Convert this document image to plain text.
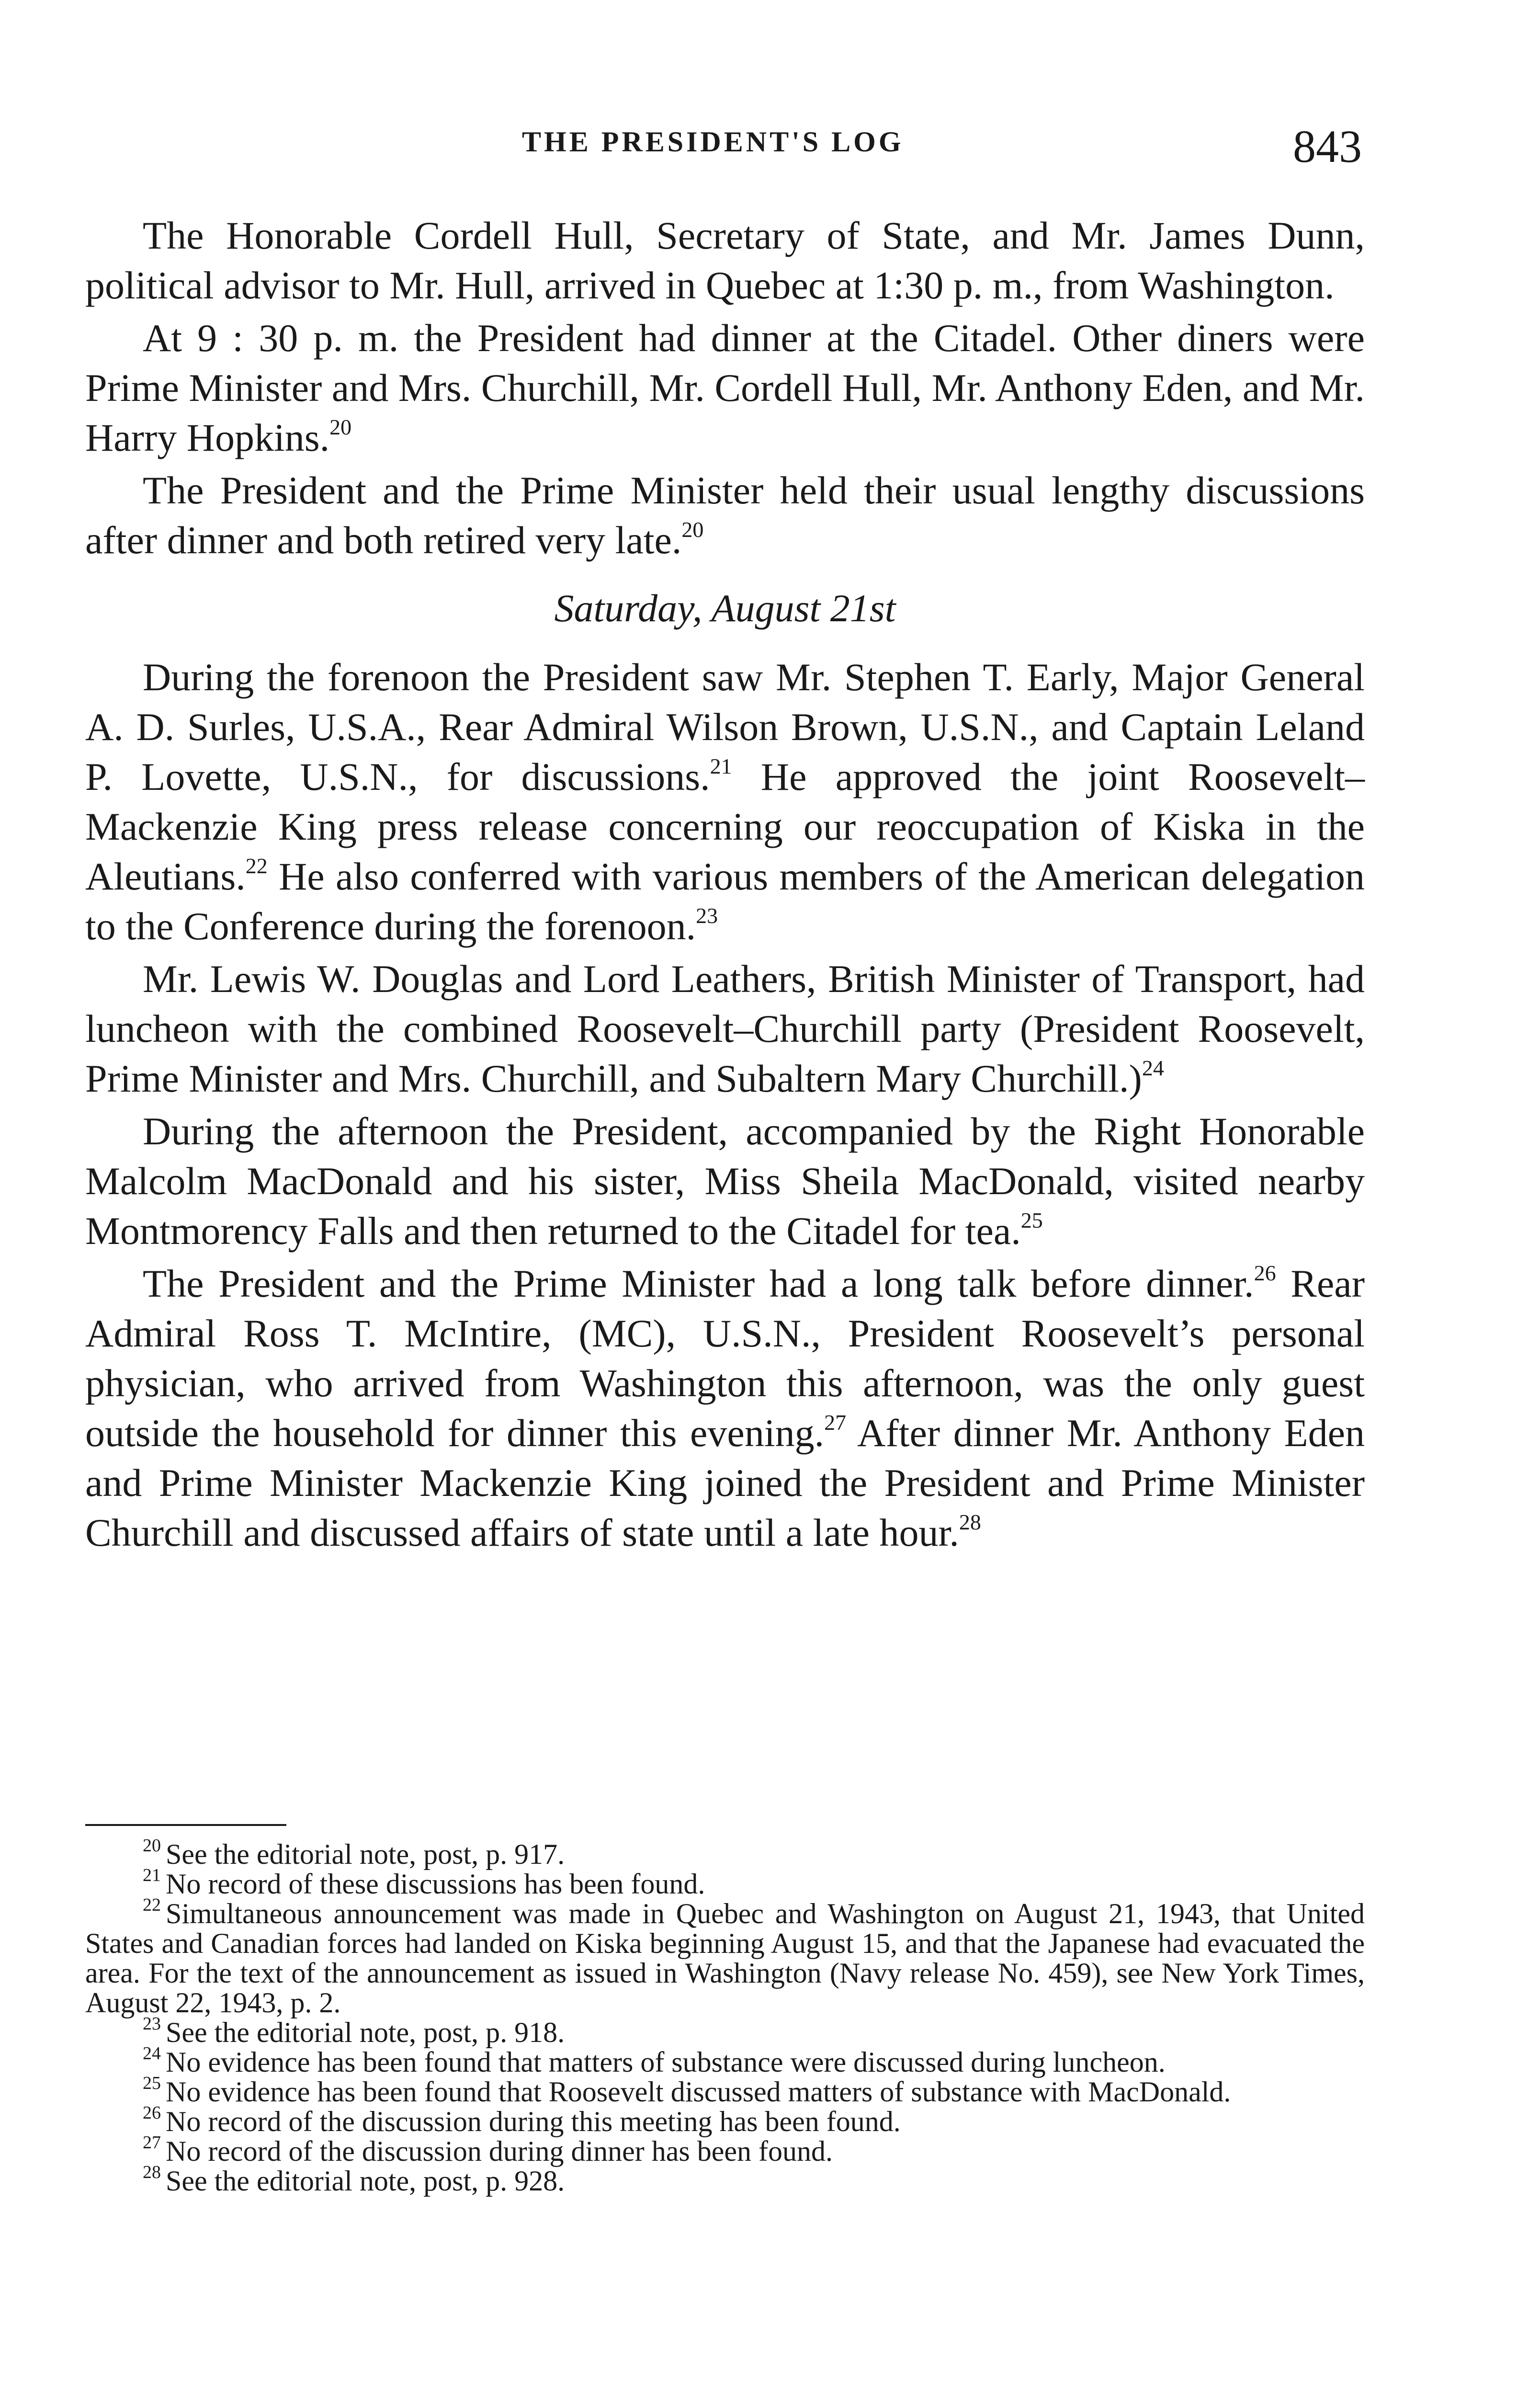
THE PRESIDENT'S LOG	843

The Honorable Cordell Hull, Secretary of State, and Mr. James Dunn, political advisor to Mr. Hull, arrived in Quebec at 1:30 p. m., from Washington.

At 9 : 30 p. m. the President had dinner at the Citadel. Other diners were Prime Minister and Mrs. Churchill, Mr. Cordell Hull, Mr. Anthony Eden, and Mr. Harry Hopkins.$^{20}$

The President and the Prime Minister held their usual lengthy discussions after dinner and both retired very late.$^{20}$

Saturday, August 21st

During the forenoon the President saw Mr. Stephen T. Early, Major General A. D. Surles, U.S.A., Rear Admiral Wilson Brown, U.S.N., and Captain Leland P. Lovette, U.S.N., for discussions.$^{21}$ He approved the joint Roosevelt–Mackenzie King press release concerning our reoccupation of Kiska in the Aleutians.$^{22}$ He also conferred with various members of the American delegation to the Conference during the forenoon.$^{23}$

Mr. Lewis W. Douglas and Lord Leathers, British Minister of Transport, had luncheon with the combined Roosevelt–Churchill party (President Roosevelt, Prime Minister and Mrs. Churchill, and Subaltern Mary Churchill.)$^{24}$

During the afternoon the President, accompanied by the Right Honorable Malcolm MacDonald and his sister, Miss Sheila MacDonald, visited nearby Montmorency Falls and then returned to the Citadel for tea.$^{25}$

The President and the Prime Minister had a long talk before dinner.$^{26}$ Rear Admiral Ross T. McIntire, (MC), U.S.N., President Roosevelt’s personal physician, who arrived from Washington this afternoon, was the only guest outside the household for dinner this evening.$^{27}$ After dinner Mr. Anthony Eden and Prime Minister Mackenzie King joined the President and Prime Minister Churchill and discussed affairs of state until a late hour.$^{28}$

$^{20}$ See the editorial note, post, p. 917.

$^{21}$ No record of these discussions has been found.

$^{22}$ Simultaneous announcement was made in Quebec and Washington on August 21, 1943, that United States and Canadian forces had landed on Kiska beginning August 15, and that the Japanese had evacuated the area. For the text of the announcement as issued in Washington (Navy release No. 459), see New York Times, August 22, 1943, p. 2.

$^{23}$ See the editorial note, post, p. 918.

$^{24}$ No evidence has been found that matters of substance were discussed during luncheon.

$^{25}$ No evidence has been found that Roosevelt discussed matters of substance with MacDonald.

$^{26}$ No record of the discussion during this meeting has been found.

$^{27}$ No record of the discussion during dinner has been found.

$^{28}$ See the editorial note, post, p. 928.
